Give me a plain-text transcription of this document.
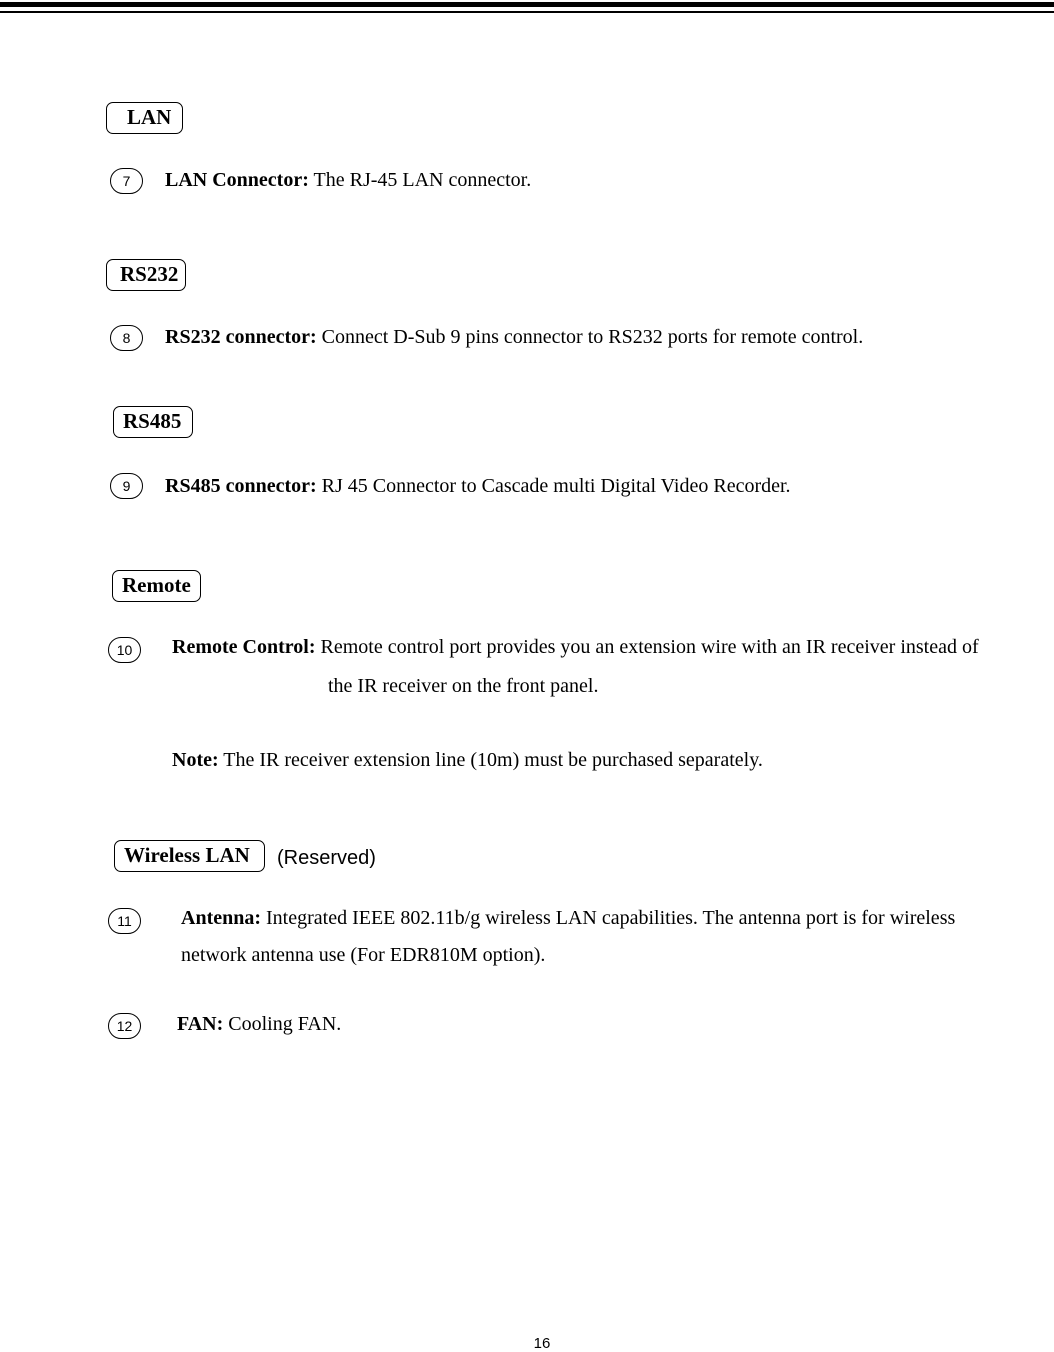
LAN
7	LAN Connector: The RJ-45 LAN connector.
RS232
8	RS232 connector: Connect D-Sub 9 pins connector to RS232 ports for remote control.
RS485
9	RS485 connector: RJ 45 Connector to Cascade multi Digital Video Recorder.
Remote
10	Remote Control: Remote control port provides you an extension wire with an IR receiver instead of
the IR receiver on the front panel.
Note: The IR receiver extension line (10m) must be purchased separately.
Wireless LAN	(Reserved)
11	Antenna: Integrated IEEE 802.11b/g wireless LAN capabilities. The antenna port is for wireless
network antenna use (For EDR810M option).
12	FAN: Cooling FAN.
16
